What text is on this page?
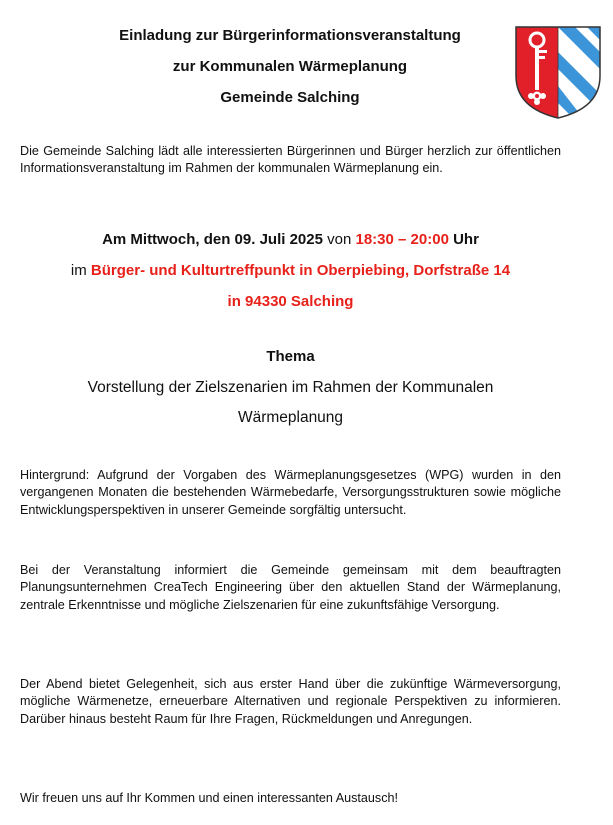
Einladung zur Bürgerinformationsveranstaltung
zur Kommunalen Wärmeplanung
Gemeinde Salching
Die Gemeinde Salching lädt alle interessierten Bürgerinnen und Bürger herzlich zur öffentlichen Informationsveranstaltung im Rahmen der kommunalen Wärmeplanung ein.
Am Mittwoch, den 09. Juli 2025 von 18:30 – 20:00 Uhr
im Bürger- und Kulturtreffpunkt in Oberpiebing, Dorfstraße 14
in 94330 Salching
Thema
Vorstellung der Zielszenarien im Rahmen der Kommunalen
Wärmeplanung
Hintergrund: Aufgrund der Vorgaben des Wärmeplanungsgesetzes (WPG) wurden in den vergangenen Monaten die bestehenden Wärmebedarfe, Versorgungsstrukturen sowie mögliche Entwicklungsperspektiven in unserer Gemeinde sorgfältig untersucht.
Bei der Veranstaltung informiert die Gemeinde gemeinsam mit dem beauftragten Planungsunternehmen CreaTech Engineering über den aktuellen Stand der Wärmeplanung, zentrale Erkenntnisse und mögliche Zielszenarien für eine zukunftsfähige Versorgung.
Der Abend bietet Gelegenheit, sich aus erster Hand über die zukünftige Wärmeversorgung, mögliche Wärmenetze, erneuerbare Alternativen und regionale Perspektiven zu informieren. Darüber hinaus besteht Raum für Ihre Fragen, Rückmeldungen und Anregungen.
Wir freuen uns auf Ihr Kommen und einen interessanten Austausch!
